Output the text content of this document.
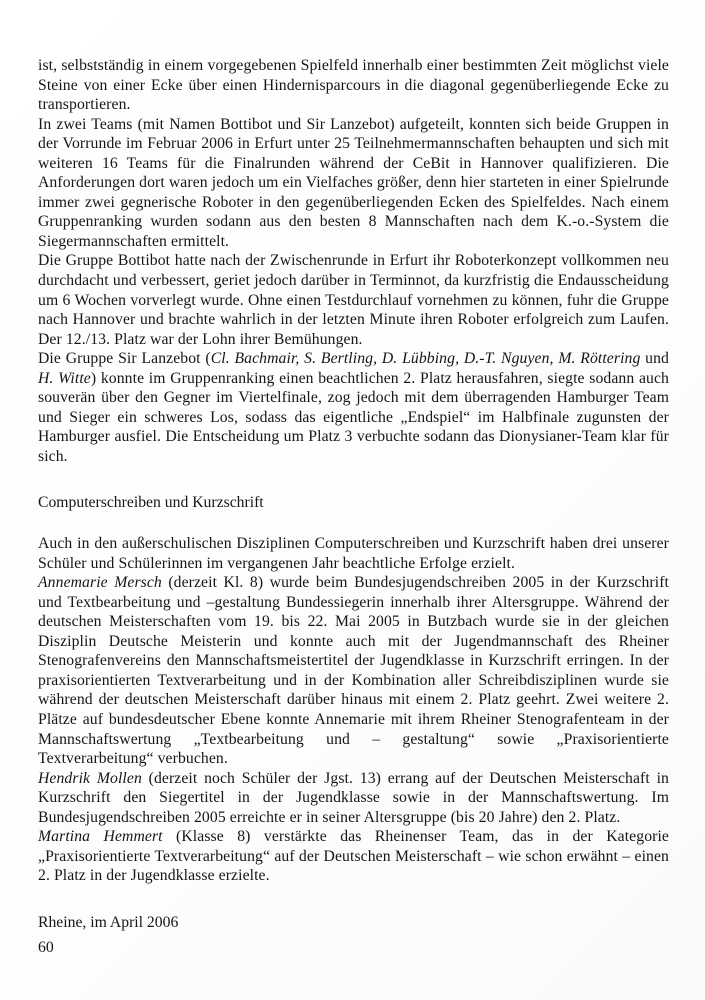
ist, selbstständig in einem vorgegebenen Spielfeld innerhalb einer bestimmten Zeit möglichst viele Steine von einer Ecke über einen Hindernisparcours in die diagonal gegenüberliegende Ecke zu transportieren.

In zwei Teams (mit Namen Bottibot und Sir Lanzebot) aufgeteilt, konnten sich beide Gruppen in der Vorrunde im Februar 2006 in Erfurt unter 25 Teilnehmermannschaften behaupten und sich mit weiteren 16 Teams für die Finalrunden während der CeBit in Hannover qualifizieren. Die Anforderungen dort waren jedoch um ein Vielfaches größer, denn hier starteten in einer Spielrunde immer zwei gegnerische Roboter in den gegenüberliegenden Ecken des Spielfeldes. Nach einem Gruppenranking wurden sodann aus den besten 8 Mannschaften nach dem K.-o.-System die Siegermannschaften ermittelt.

Die Gruppe Bottibot hatte nach der Zwischenrunde in Erfurt ihr Roboterkonzept vollkommen neu durchdacht und verbessert, geriet jedoch darüber in Terminnot, da kurzfristig die Endausscheidung um 6 Wochen vorverlegt wurde. Ohne einen Testdurchlauf vornehmen zu können, fuhr die Gruppe nach Hannover und brachte wahrlich in der letzten Minute ihren Roboter erfolgreich zum Laufen. Der 12./13. Platz war der Lohn ihrer Bemühungen.

Die Gruppe Sir Lanzebot (Cl. Bachmair, S. Bertling, D. Lübbing, D.-T. Nguyen, M. Röttering und H. Witte) konnte im Gruppenranking einen beachtlichen 2. Platz herausfahren, siegte sodann auch souverän über den Gegner im Viertelfinale, zog jedoch mit dem überragenden Hamburger Team und Sieger ein schweres Los, sodass das eigentliche „Endspiel“ im Halbfinale zugunsten der Hamburger ausfiel. Die Entscheidung um Platz 3 verbuchte sodann das Dionysianer-Team klar für sich.

Computerschreiben und Kurzschrift

Auch in den außerschulischen Disziplinen Computerschreiben und Kurzschrift haben drei unserer Schüler und Schülerinnen im vergangenen Jahr beachtliche Erfolge erzielt.

Annemarie Mersch (derzeit Kl. 8) wurde beim Bundesjugendschreiben 2005 in der Kurzschrift und Textbearbeitung und –gestaltung Bundessiegerin innerhalb ihrer Altersgruppe. Während der deutschen Meisterschaften vom 19. bis 22. Mai 2005 in Butzbach wurde sie in der gleichen Disziplin Deutsche Meisterin und konnte auch mit der Jugendmannschaft des Rheiner Stenografenvereins den Mannschaftsmeistertitel der Jugendklasse in Kurzschrift erringen. In der praxisorientierten Textverarbeitung und in der Kombination aller Schreibdisziplinen wurde sie während der deutschen Meisterschaft darüber hinaus mit einem 2. Platz geehrt. Zwei weitere 2. Plätze auf bundesdeutscher Ebene konnte Annemarie mit ihrem Rheiner Stenografenteam in der Mannschaftswertung „Textbearbeitung und – gestaltung“ sowie „Praxisorientierte Textverarbeitung“ verbuchen.

Hendrik Mollen (derzeit noch Schüler der Jgst. 13) errang auf der Deutschen Meisterschaft in Kurzschrift den Siegertitel in der Jugendklasse sowie in der Mannschaftswertung. Im Bundesjugendschreiben 2005 erreichte er in seiner Altersgruppe (bis 20 Jahre) den 2. Platz.

Martina Hemmert (Klasse 8) verstärkte das Rheinenser Team, das in der Kategorie „Praxisorientierte Textverarbeitung“ auf der Deutschen Meisterschaft – wie schon erwähnt – einen 2. Platz in der Jugendklasse erzielte.

Rheine, im April 2006

60
